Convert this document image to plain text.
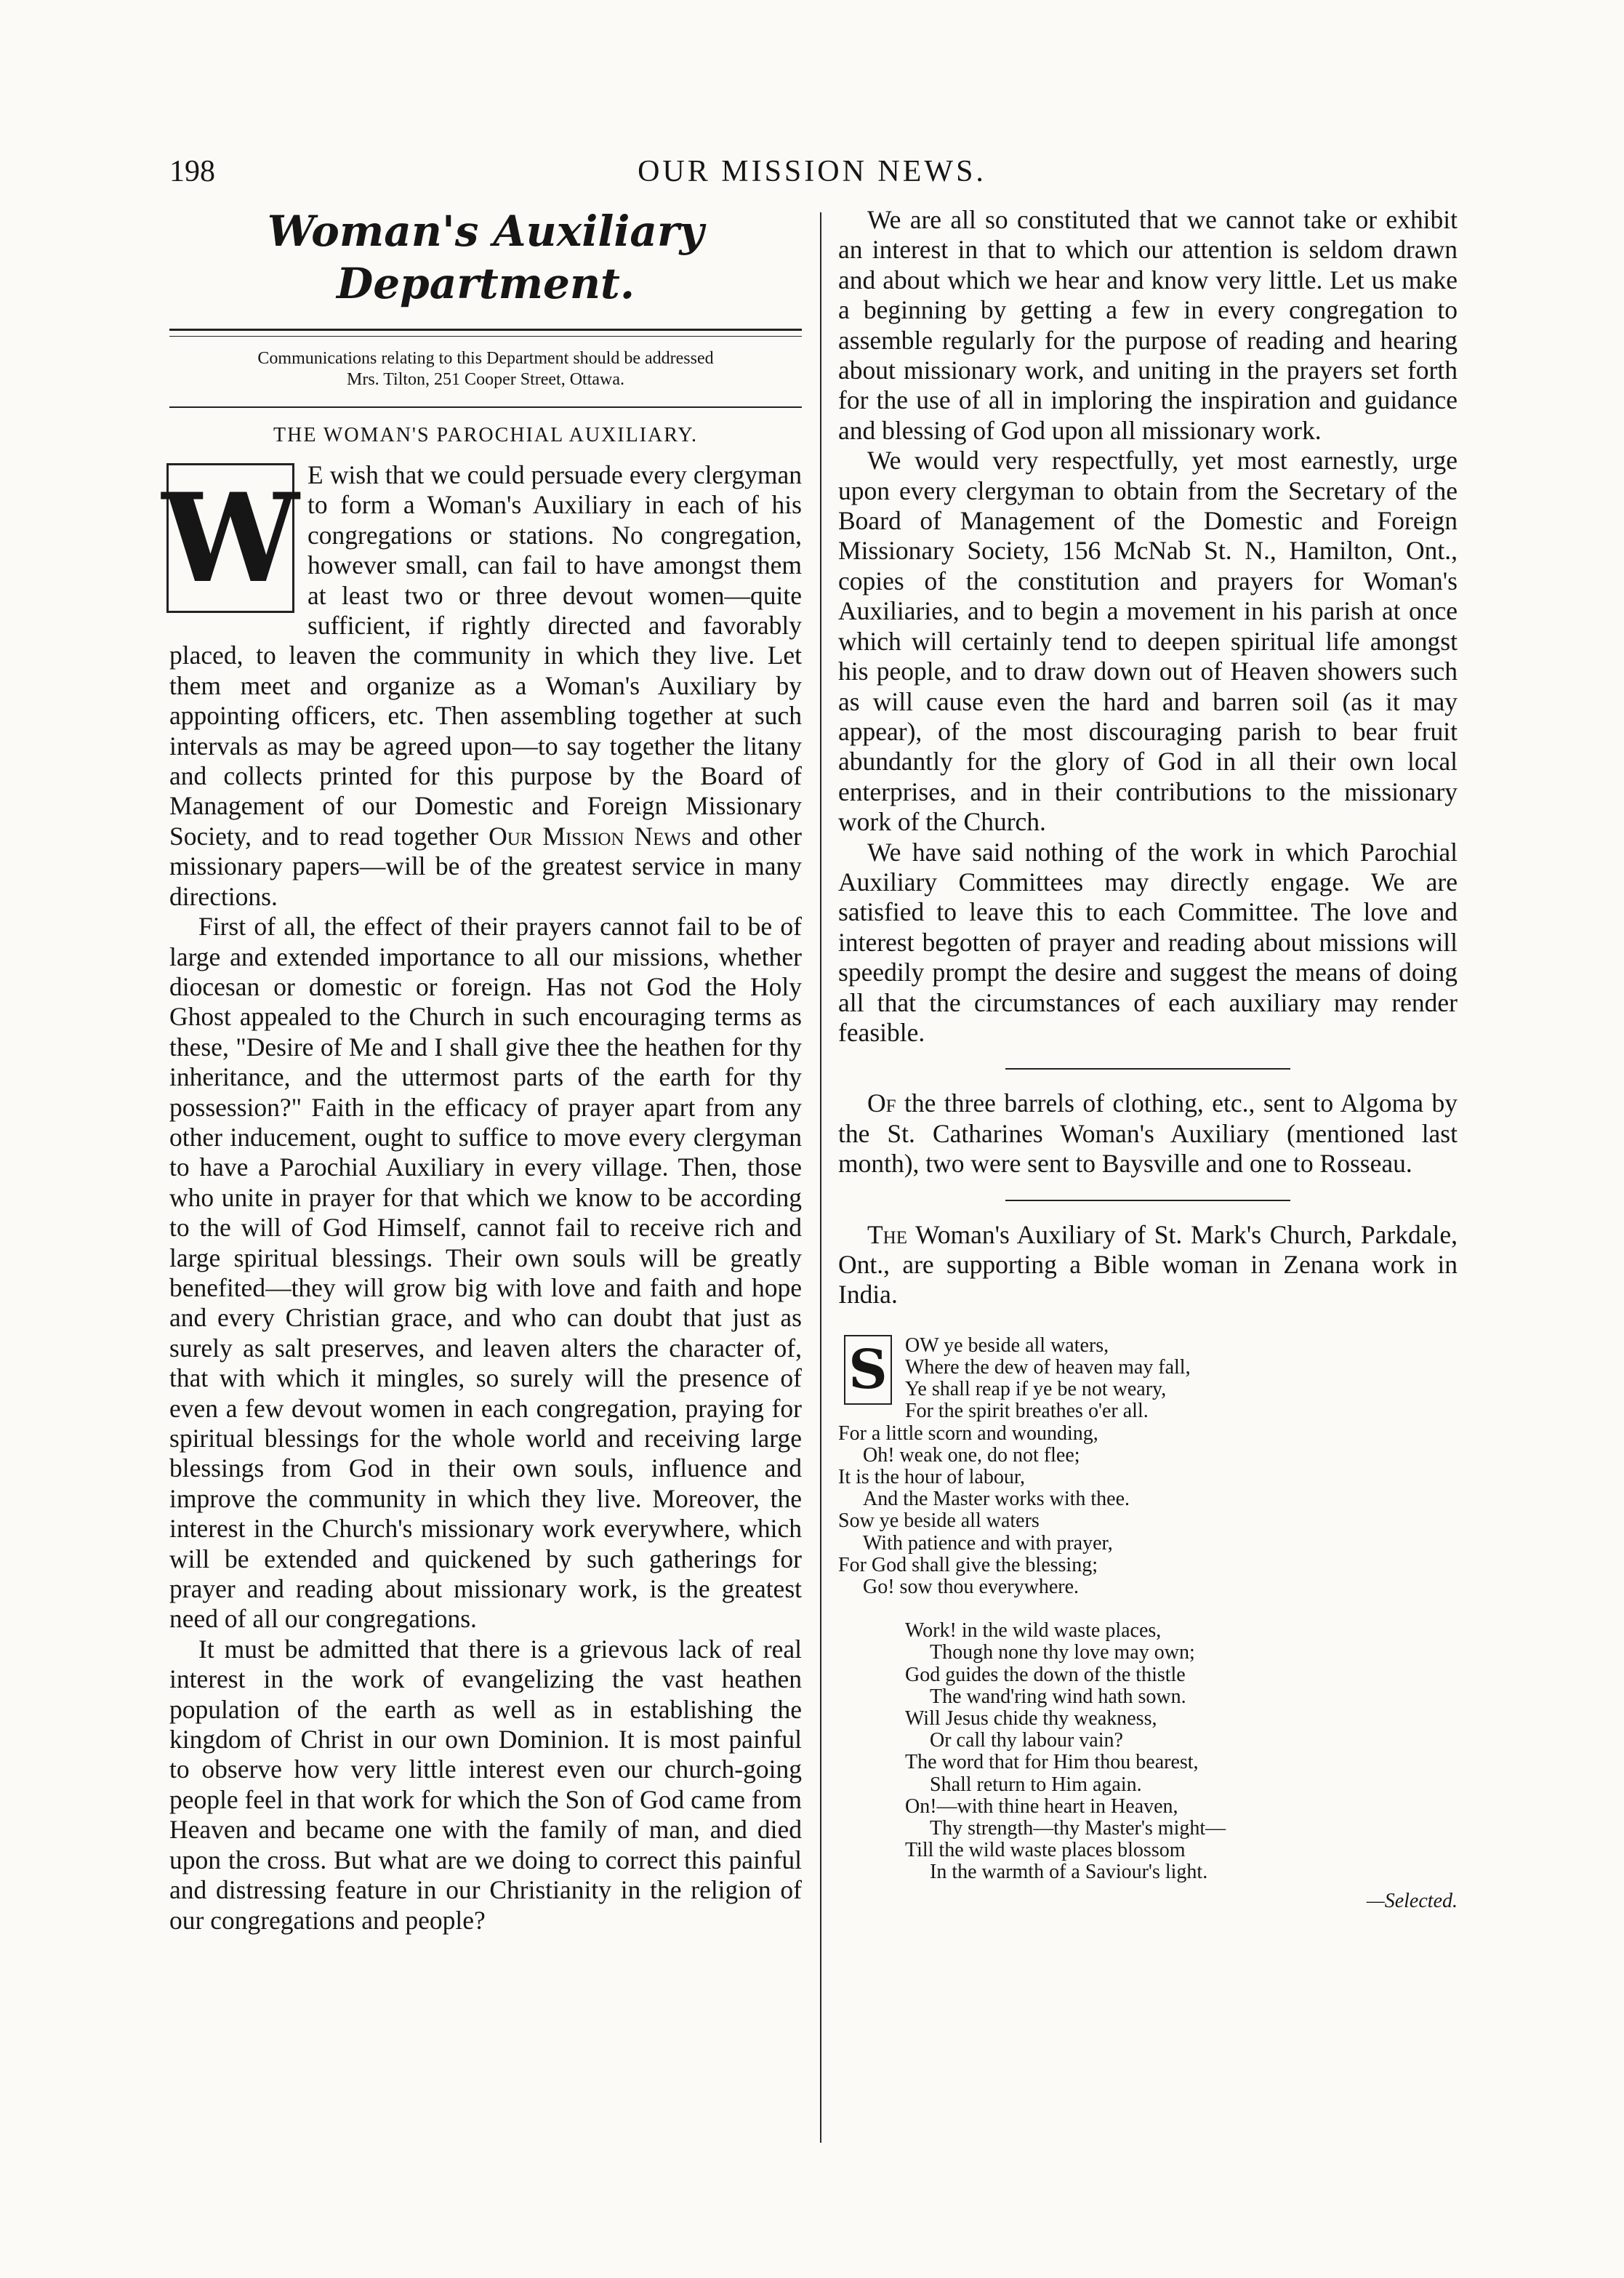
198	OUR MISSION NEWS.
Woman's Auxiliary Department.
Communications relating to this Department should be addressed
Mrs. Tilton, 251 Cooper Street, Ottawa.
THE WOMAN'S PAROCHIAL AUXILIARY.

W E wish that we could persuade every clergyman to form a Woman's Auxiliary in each of his congregations or stations. No congregation, however small, can fail to have amongst them at least two or three devout women—quite sufficient, if rightly directed and favorably placed, to leaven the community in which they live. Let them meet and organize as a Woman's Auxiliary by appointing officers, etc. Then assembling together at such intervals as may be agreed upon—to say together the litany and collects printed for this purpose by the Board of Management of our Domestic and Foreign Missionary Society, and to read together Our Mission News and other missionary papers—will be of the greatest service in many directions.

First of all, the effect of their prayers cannot fail to be of large and extended importance to all our missions, whether diocesan or domestic or foreign. Has not God the Holy Ghost appealed to the Church in such encouraging terms as these, "Desire of Me and I shall give thee the heathen for thy inheritance, and the uttermost parts of the earth for thy possession?" Faith in the efficacy of prayer apart from any other inducement, ought to suffice to move every clergyman to have a Parochial Auxiliary in every village. Then, those who unite in prayer for that which we know to be according to the will of God Himself, cannot fail to receive rich and large spiritual blessings. Their own souls will be greatly benefited—they will grow big with love and faith and hope and every Christian grace, and who can doubt that just as surely as salt preserves, and leaven alters the character of, that with which it mingles, so surely will the presence of even a few devout women in each congregation, praying for spiritual blessings for the whole world and receiving large blessings from God in their own souls, influence and improve the community in which they live. Moreover, the interest in the Church's missionary work everywhere, which will be extended and quickened by such gatherings for prayer and reading about missionary work, is the greatest need of all our congregations.

It must be admitted that there is a grievous lack of real interest in the work of evangelizing the vast heathen population of the earth as well as in establishing the kingdom of Christ in our own Dominion. It is most painful to observe how very little interest even our church-going people feel in that work for which the Son of God came from Heaven and became one with the family of man, and died upon the cross. But what are we doing to correct this painful and distressing feature in our Christianity in the religion of our congregations and people?

We are all so constituted that we cannot take or exhibit an interest in that to which our attention is seldom drawn and about which we hear and know very little. Let us make a beginning by getting a few in every congregation to assemble regularly for the purpose of reading and hearing about missionary work, and uniting in the prayers set forth for the use of all in imploring the inspiration and guidance and blessing of God upon all missionary work.

We would very respectfully, yet most earnestly, urge upon every clergyman to obtain from the Secretary of the Board of Management of the Domestic and Foreign Missionary Society, 156 McNab St. N., Hamilton, Ont., copies of the constitution and prayers for Woman's Auxiliaries, and to begin a movement in his parish at once which will certainly tend to deepen spiritual life amongst his people, and to draw down out of Heaven showers such as will cause even the hard and barren soil (as it may appear), of the most discouraging parish to bear fruit abundantly for the glory of God in all their own local enterprises, and in their contributions to the missionary work of the Church.

We have said nothing of the work in which Parochial Auxiliary Committees may directly engage. We are satisfied to leave this to each Committee. The love and interest begotten of prayer and reading about missions will speedily prompt the desire and suggest the means of doing all that the circumstances of each auxiliary may render feasible.

Of the three barrels of clothing, etc., sent to Algoma by the St. Catharines Woman's Auxiliary (mentioned last month), two were sent to Baysville and one to Rosseau.

The Woman's Auxiliary of St. Mark's Church, Parkdale, Ont., are supporting a Bible woman in Zenana work in India.

S OW ye beside all waters,
Where the dew of heaven may fall,
Ye shall reap if ye be not weary,
For the spirit breathes o'er all.
For a little scorn and wounding,
Oh! weak one, do not flee;
It is the hour of labour,
And the Master works with thee.
Sow ye beside all waters
With patience and with prayer,
For God shall give the blessing;
Go! sow thou everywhere.
Work! in the wild waste places,
Though none thy love may own;
God guides the down of the thistle
The wand'ring wind hath sown.
Will Jesus chide thy weakness,
Or call thy labour vain?
The word that for Him thou bearest,
Shall return to Him again.
On!—with thine heart in Heaven,
Thy strength—thy Master's might—
Till the wild waste places blossom
In the warmth of a Saviour's light.
—Selected.
